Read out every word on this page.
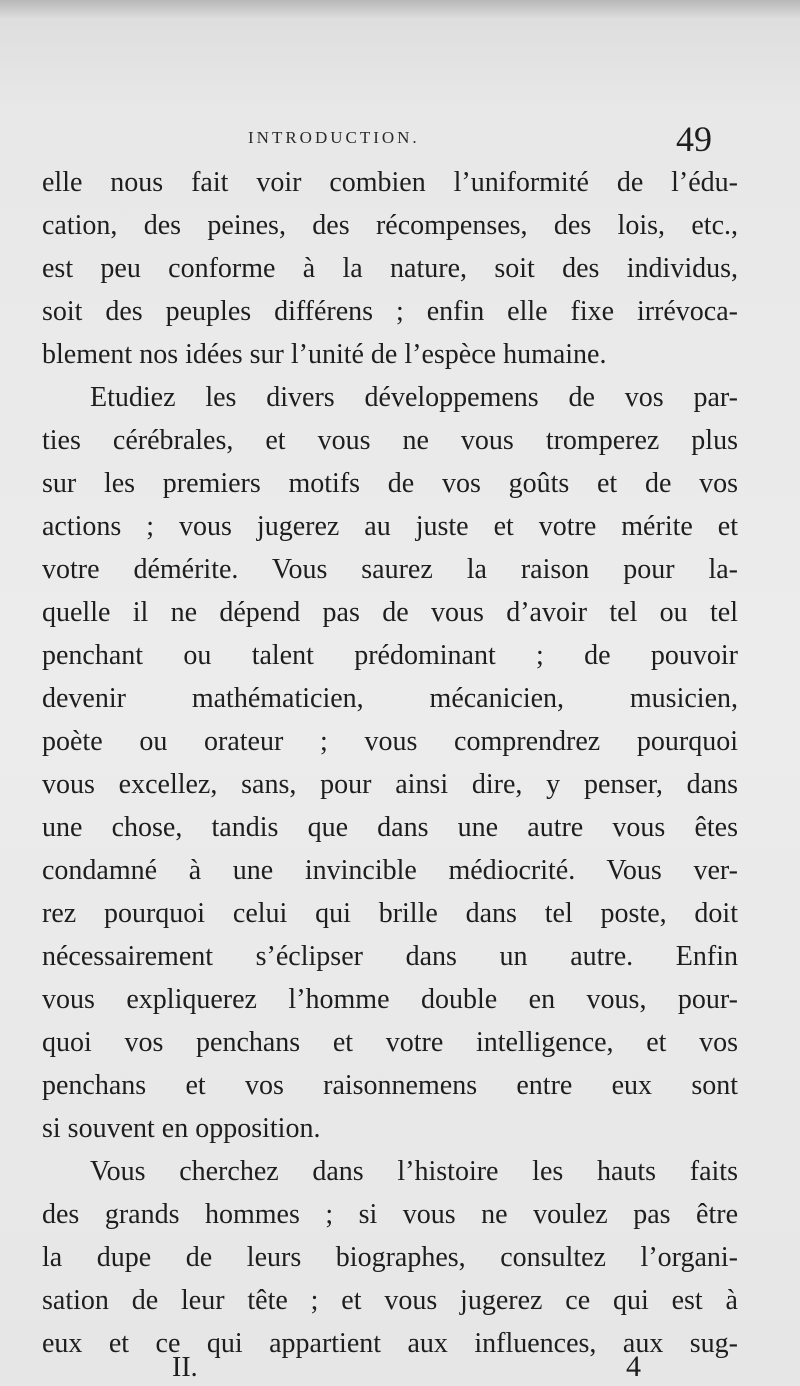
INTRODUCTION.	49
elle nous fait voir combien l’uniformité de l’édu-
cation, des peines, des récompenses, des lois, etc.,
est peu conforme à la nature, soit des individus,
soit des peuples différens ; enfin elle fixe irrévoca-
blement nos idées sur l’unité de l’espèce humaine.
Etudiez les divers développemens de vos par-
ties cérébrales, et vous ne vous tromperez plus
sur les premiers motifs de vos goûts et de vos
actions ; vous jugerez au juste et votre mérite et
votre démérite. Vous saurez la raison pour la-
quelle il ne dépend pas de vous d’avoir tel ou tel
penchant ou talent prédominant ; de pouvoir
devenir mathématicien, mécanicien, musicien,
poète ou orateur ; vous comprendrez pourquoi
vous excellez, sans, pour ainsi dire, y penser, dans
une chose, tandis que dans une autre vous êtes
condamné à une invincible médiocrité. Vous ver-
rez pourquoi celui qui brille dans tel poste, doit
nécessairement s’éclipser dans un autre. Enfin
vous expliquerez l’homme double en vous, pour-
quoi vos penchans et votre intelligence, et vos
penchans et vos raisonnemens entre eux sont
si souvent en opposition.
Vous cherchez dans l’histoire les hauts faits
des grands hommes ; si vous ne voulez pas être
la dupe de leurs biographes, consultez l’organi-
sation de leur tête ; et vous jugerez ce qui est à
eux et ce qui appartient aux influences, aux sug-
II.	4
